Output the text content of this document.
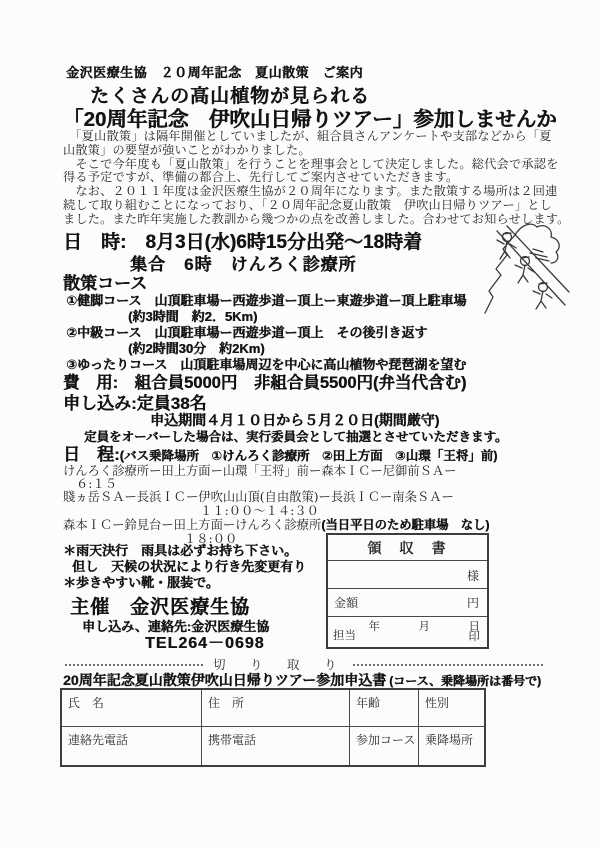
金沢医療生協　２０周年記念　夏山散策　ご案内
たくさんの高山植物が見られる
「20周年記念　伊吹山日帰りツアー」参加しませんか
　「夏山散策」は隔年開催としていましたが、組合員さんアンケートや支部などから「夏
山散策」の要望が強いことがわかりました。
　そこで今年度も「夏山散策」を行うことを理事会として決定しました。総代会で承認を
得る予定ですが、準備の都合上、先行してご案内させていただきます。
　なお、２０１１年度は金沢医療生協が２０周年になります。また散策する場所は２回連
続して取り組むことになっており、「２０周年記念夏山散策　伊吹山日帰りツアー」とし
ました。また昨年実施した教訓から幾つかの点を改善しました。合わせてお知らせします。
日　時:　8月3日(水)6時15分出発〜18時着
集合　6時　けんろく診療所
散策コース
①健脚コース　山頂駐車場ー西遊歩道ー頂上ー東遊歩道ー頂上駐車場
(約3時間　約2．5Km)
②中級コース　山頂駐車場ー西遊歩道ー頂上　その後引き返す
(約2時間30分　約2Km)
③ゆったりコース　山頂駐車場周辺を中心に高山植物や琵琶湖を望む
費　用:　組合員5000円　非組合員5500円(弁当代含む)
申し込み:定員38名
申込期間４月１０日から５月２０日(期間厳守)
定員をオーバーした場合は、実行委員会として抽選とさせていただきます。
日　程: (バス乗降場所　①けんろく診療所　②田上方面　③山環「王将」前)
けんろく診療所ー田上方面ー山環「王将」前ー森本ＩＣー尼御前ＳＡー
６:１５
賤ヵ岳ＳＡー長浜ＩＣー伊吹山山頂(自由散策)ー長浜ＩＣー南条ＳＡー
１１:００〜１４:３０
森本ＩＣー鈴見台ー田上方面ーけんろく診療所(当日平日のため駐車場　なし)
１８:００
＊雨天決行　雨具は必ずお持ち下さい。
但し　天候の状況により行き先変更有り
＊歩きやすい靴・服装で。
主催　金沢医療生協
申し込み、連絡先:金沢医療生協
TEL264－0698
領　収　書
様
金額	円
年　　　月　　　日
担当	印
切　り　取　り
20周年記念夏山散策伊吹山日帰りツアー参加申込書 (コース、乗降場所は番号で)
氏　名	住　所	年齢	性別
連絡先電話	携帯電話	参加コース 乗降場所
